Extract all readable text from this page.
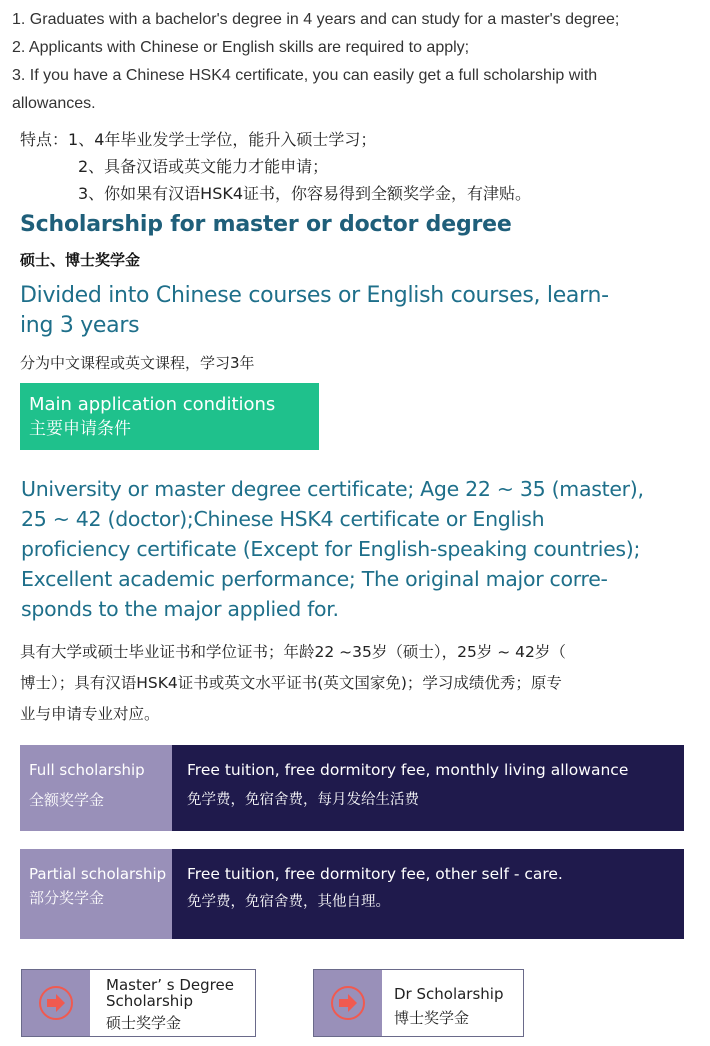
1. Graduates with a bachelor's degree in 4 years and can study for a master's degree;
2. Applicants with Chinese or English skills are required to apply;
3. If you have a Chinese HSK4 certificate, you can easily get a full scholarship with
allowances.
特点：1、4年毕业发学士学位，能升入硕士学习；
2、具备汉语或英文能力才能申请；
3、你如果有汉语HSK4证书，你容易得到全额奖学金，有津贴。
Scholarship for master or doctor degree
硕士、博士奖学金
Divided into Chinese courses or English courses, learn-
ing 3 years
分为中文课程或英文课程，学习3年
Main application conditions
主要申请条件
University or master degree certificate; Age 22 ~ 35 (master),
25 ~ 42 (doctor);Chinese HSK4 certificate or English
proficiency certificate (Except for English-speaking countries);
Excellent academic performance; The original major corre-
sponds to the major applied for.
具有大学或硕士毕业证书和学位证书；年龄22 ~35岁（硕士），25岁 ~ 42岁（
博士）；具有汉语HSK4证书或英文水平证书(英文国家免)；学习成绩优秀；原专
业与申请专业对应。
Full scholarship
全额奖学金
Free tuition, free dormitory fee, monthly living allowance
免学费，免宿舍费，每月发给生活费
Partial scholarship
部分奖学金
Free tuition, free dormitory fee, other self - care.
免学费，免宿舍费，其他自理。
Master’ s Degree
Scholarship
硕士奖学金
Dr Scholarship
博士奖学金
